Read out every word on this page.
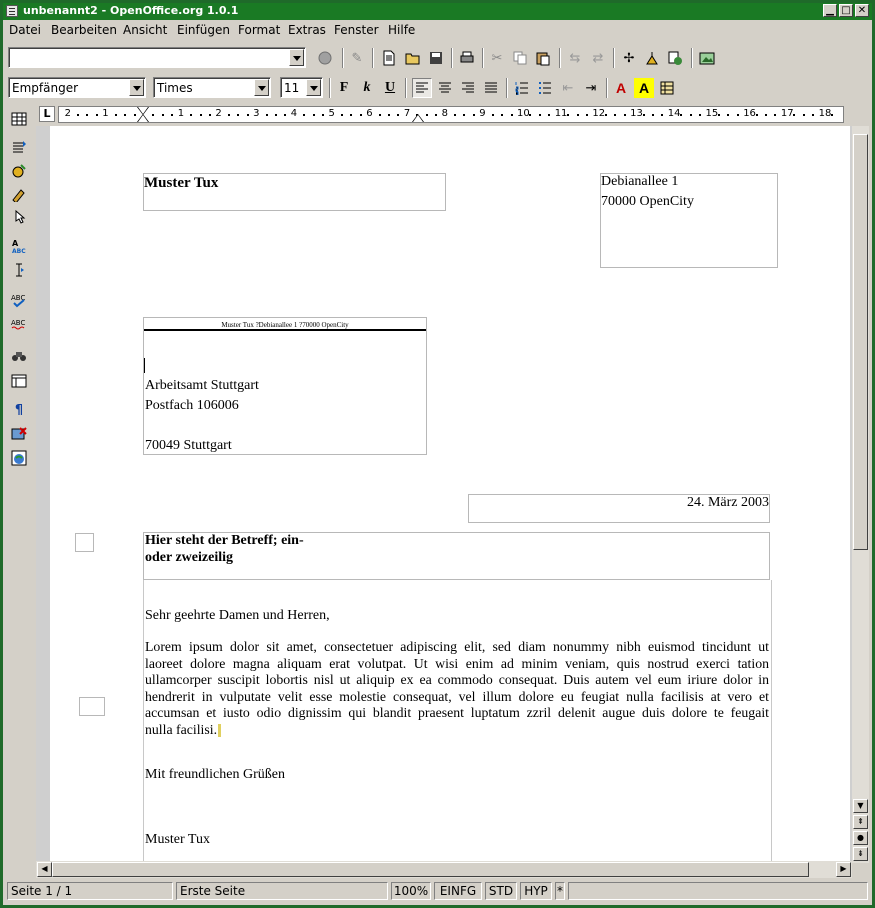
unbenannt2 - OpenOffice.org 1.0.1	▁ □ ✕
Datei Bearbeiten Ansicht Einfügen Format Extras Fenster Hilfe
✎	✂	⇆ ⇄	✢
Empfänger	Times	11	F	k	U	⇤ ⇥	A A
L	2	1	1	2	3	4	5	6	7	8	9	10 11 12 13 14 15 16 17 18
A
ABC
ABC
ABC
¶
Muster Tux	Debianallee 1
70000 OpenCity
Muster Tux ?Debianallee 1 ?70000 OpenCity
Arbeitsamt Stuttgart
Postfach 106006
70049 Stuttgart
24. März 2003
Hier steht der Betreff; ein-
oder zweizeilig
Sehr geehrte Damen und Herren,
Lorem ipsum dolor sit amet, consectetuer adipiscing elit, sed diam nonummy nibh euismod tincidunt ut
laoreet dolore magna aliquam erat volutpat. Ut wisi enim ad minim veniam, quis nostrud exerci tation
ullamcorper suscipit lobortis nisl ut aliquip ex ea commodo consequat. Duis autem vel eum iriure dolor in
hendrerit in vulputate velit esse molestie consequat, vel illum dolore eu feugiat nulla facilisis at vero et
accumsan et iusto odio dignissim qui blandit praesent luptatum zzril delenit augue duis dolore te feugait
nulla facilisi.
Mit freundlichen Grüßen
Muster Tux
▼
⇞
●
⇟
◀	▶
Seite 1 / 1	Erste Seite	100% EINFG	STD HYP *
